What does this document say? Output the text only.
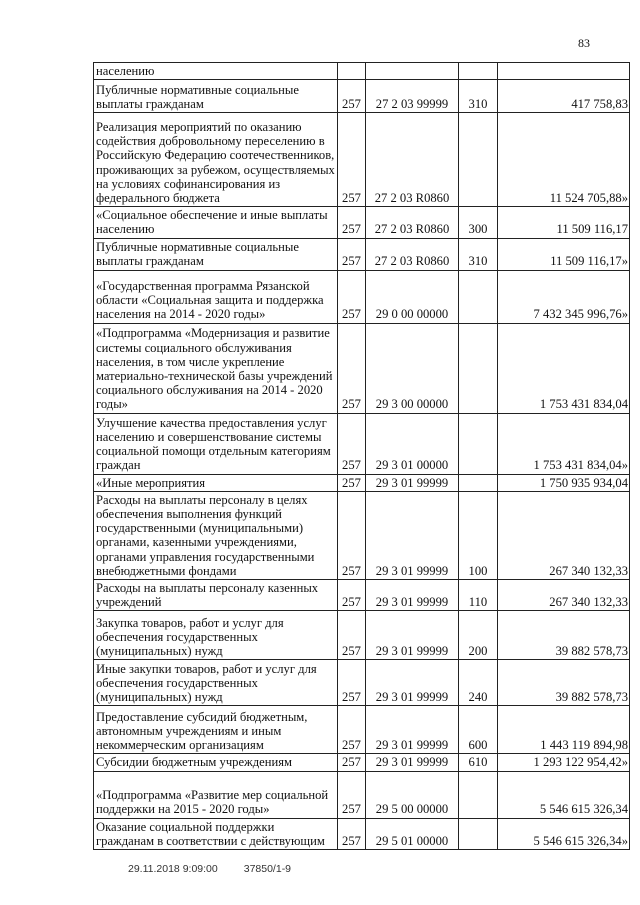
83
населению				
Публичные нормативные социальные выплаты гражданам	257	27 2 03 99999	310	417 758,83
Реализация мероприятий по оказанию содействия добровольному переселению в Российскую Федерацию соотечественников, проживающих за рубежом, осуществляемых на условиях софинансирования из федерального бюджета	257	27 2 03 R0860		11 524 705,88»
«Социальное обеспечение и иные выплаты населению	257	27 2 03 R0860	300	11 509 116,17
Публичные нормативные социальные выплаты гражданам	257	27 2 03 R0860	310	11 509 116,17»
«Государственная программа Рязанской области «Социальная защита и поддержка населения на 2014 - 2020 годы»	257	29 0 00 00000		7 432 345 996,76»
«Подпрограмма «Модернизация и развитие системы социального обслуживания населения, в том числе укрепление материально-технической базы учреждений социального обслуживания на 2014 - 2020 годы»	257	29 3 00 00000		1 753 431 834,04
Улучшение качества предоставления услуг населению и совершенствование системы социальной помощи отдельным категориям граждан	257	29 3 01 00000		1 753 431 834,04»
«Иные мероприятия	257	29 3 01 99999		1 750 935 934,04
Расходы на выплаты персоналу в целях обеспечения выполнения функций государственными (муниципальными) органами, казенными учреждениями, органами управления государственными внебюджетными фондами	257	29 3 01 99999	100	267 340 132,33
Расходы на выплаты персоналу казенных учреждений	257	29 3 01 99999	110	267 340 132,33
Закупка товаров, работ и услуг для обеспечения государственных (муниципальных) нужд	257	29 3 01 99999	200	39 882 578,73
Иные закупки товаров, работ и услуг для обеспечения государственных (муниципальных) нужд	257	29 3 01 99999	240	39 882 578,73
Предоставление субсидий бюджетным, автономным учреждениям и иным некоммерческим организациям	257	29 3 01 99999	600	1 443 119 894,98
Субсидии бюджетным учреждениям	257	29 3 01 99999	610	1 293 122 954,42»
«Подпрограмма «Развитие мер социальной поддержки на 2015 - 2020 годы»	257	29 5 00 00000		5 546 615 326,34
Оказание социальной поддержки гражданам в соответствии с действующим	257	29 5 01 00000		5 546 615 326,34»
29.11.2018 9:09:00 37850/1-9
